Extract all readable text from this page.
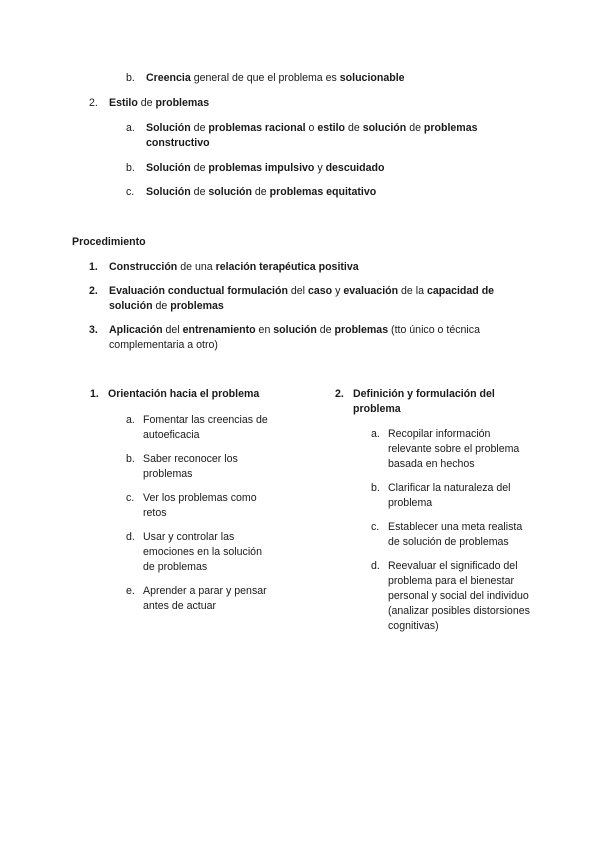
b.	Creencia general de que el problema es solucionable
2.	Estilo de problemas
a.	Solución de problemas racional o estilo de solución de problemas constructivo
b.	Solución de problemas impulsivo y descuidado
c.	Solución de solución de problemas equitativo
Procedimiento
1.	Construcción de una relación terapéutica positiva
2.	Evaluación conductual formulación del caso y evaluación de la capacidad de solución de problemas
3.	Aplicación del entrenamiento en solución de problemas (tto único o técnica complementaria a otro)
1. Orientación hacia el problema
a. Fomentar las creencias de autoeficacia
b. Saber reconocer los problemas
c. Ver los problemas como retos
d. Usar y controlar las emociones en la solución de problemas
e. Aprender a parar y pensar antes de actuar
2. Definición y formulación del problema
a. Recopilar información relevante sobre el problema basada en hechos
b. Clarificar la naturaleza del problema
c. Establecer una meta realista de solución de problemas
d. Reevaluar el significado del problema para el bienestar personal y social del individuo (analizar posibles distorsiones cognitivas)
